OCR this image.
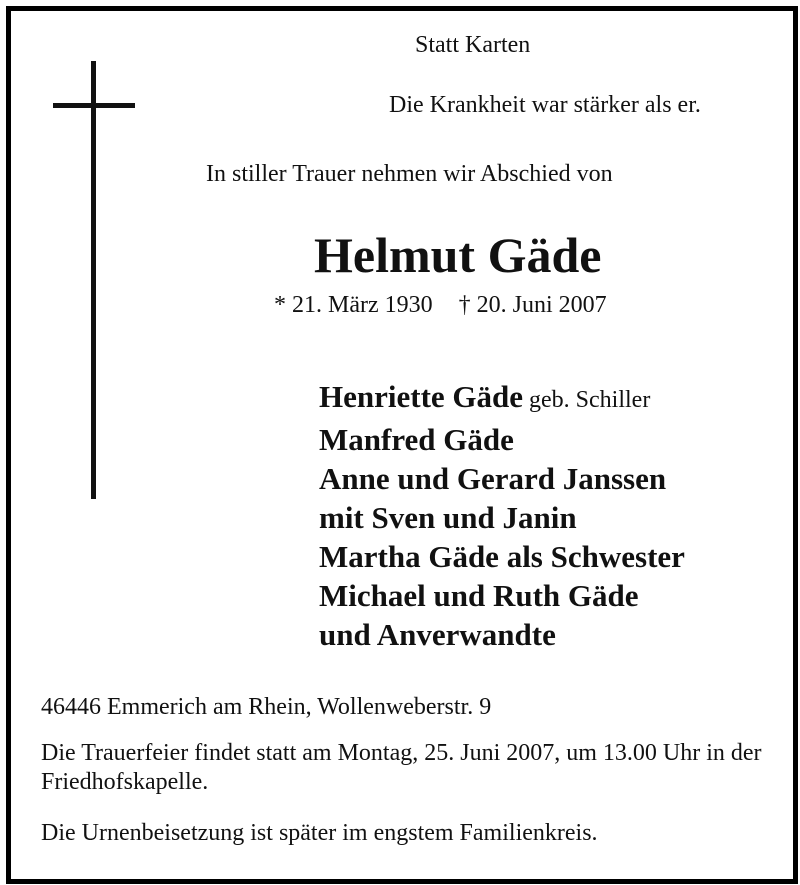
Statt Karten
Die Krankheit war stärker als er.
In stiller Trauer nehmen wir Abschied von
Helmut Gäde
* 21. März 1930 † 20. Juni 2007
Henriette Gäde geb. Schiller
Manfred Gäde
Anne und Gerard Janssen
mit Sven und Janin
Martha Gäde als Schwester
Michael und Ruth Gäde
und Anverwandte
46446 Emmerich am Rhein, Wollenweberstr. 9
Die Trauerfeier findet statt am Montag, 25. Juni 2007, um 13.00 Uhr in der Friedhofskapelle.
Die Urnenbeisetzung ist später im engstem Familienkreis.
